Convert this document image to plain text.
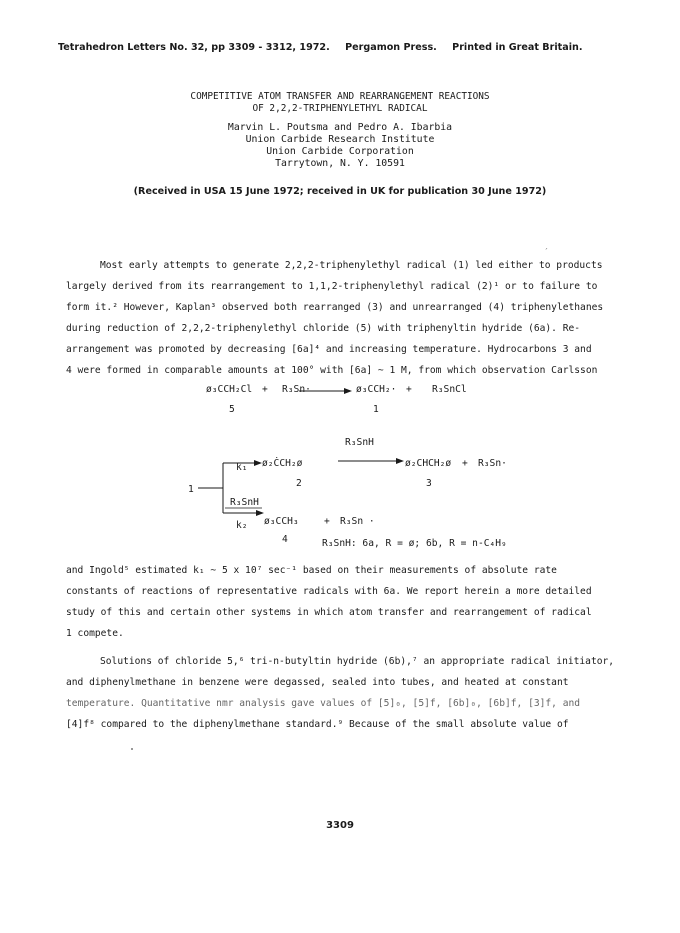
Tetrahedron Letters No. 32, pp 3309 - 3312, 1972. Pergamon Press. Printed in Great Britain.
COMPETITIVE ATOM TRANSFER AND REARRANGEMENT REACTIONS
OF 2,2,2-TRIPHENYLETHYL RADICAL
Marvin L. Poutsma and Pedro A. Ibarbia
Union Carbide Research Institute
Union Carbide Corporation
Tarrytown, N. Y. 10591
(Received in USA 15 June 1972; received in UK for publication 30 June 1972)
ˏ
Most early attempts to generate 2,2,2-triphenylethyl radical (1) led either to products
largely derived from its rearrangement to 1,1,2-triphenylethyl radical (2)¹ or to failure to
form it.² However, Kaplan³ observed both rearranged (3) and unrearranged (4) triphenylethanes
during reduction of 2,2,2-triphenylethyl chloride (5) with triphenyltin hydride (6a). Re-
arrangement was promoted by decreasing [6a]⁴ and increasing temperature. Hydrocarbons 3 and
4 were formed in comparable amounts at 100° with [6a] ~ 1 M, from which observation Carlsson
ø₃CCH₂Cl + R₃Sn·	ø₃CCH₂· + R₃SnCl
5	1
R₃SnH
ø₂ĊCH₂ø	ø₂CHCH₂ø + R₃Sn·
k₁
2	3
1
R₃SnH
ø₃CCH₃	+ R₃Sn ·
k₂
4	R₃SnH: 6a, R = ø; 6b, R = n-C₄H₉
and Ingold⁵ estimated k₁ ~ 5 x 10⁷ sec⁻¹ based on their measurements of absolute rate
constants of reactions of representative radicals with 6a. We report herein a more detailed
study of this and certain other systems in which atom transfer and rearrangement of radical
1 compete.
Solutions of chloride 5,⁶ tri-n-butyltin hydride (6b),⁷ an appropriate radical initiator,
and diphenylmethane in benzene were degassed, sealed into tubes, and heated at constant
temperature. Quantitative nmr analysis gave values of [5]₀, [5]f, [6b]₀, [6b]f, [3]f, and
[4]f⁸ compared to the diphenylmethane standard.⁹ Because of the small absolute value of
3309
